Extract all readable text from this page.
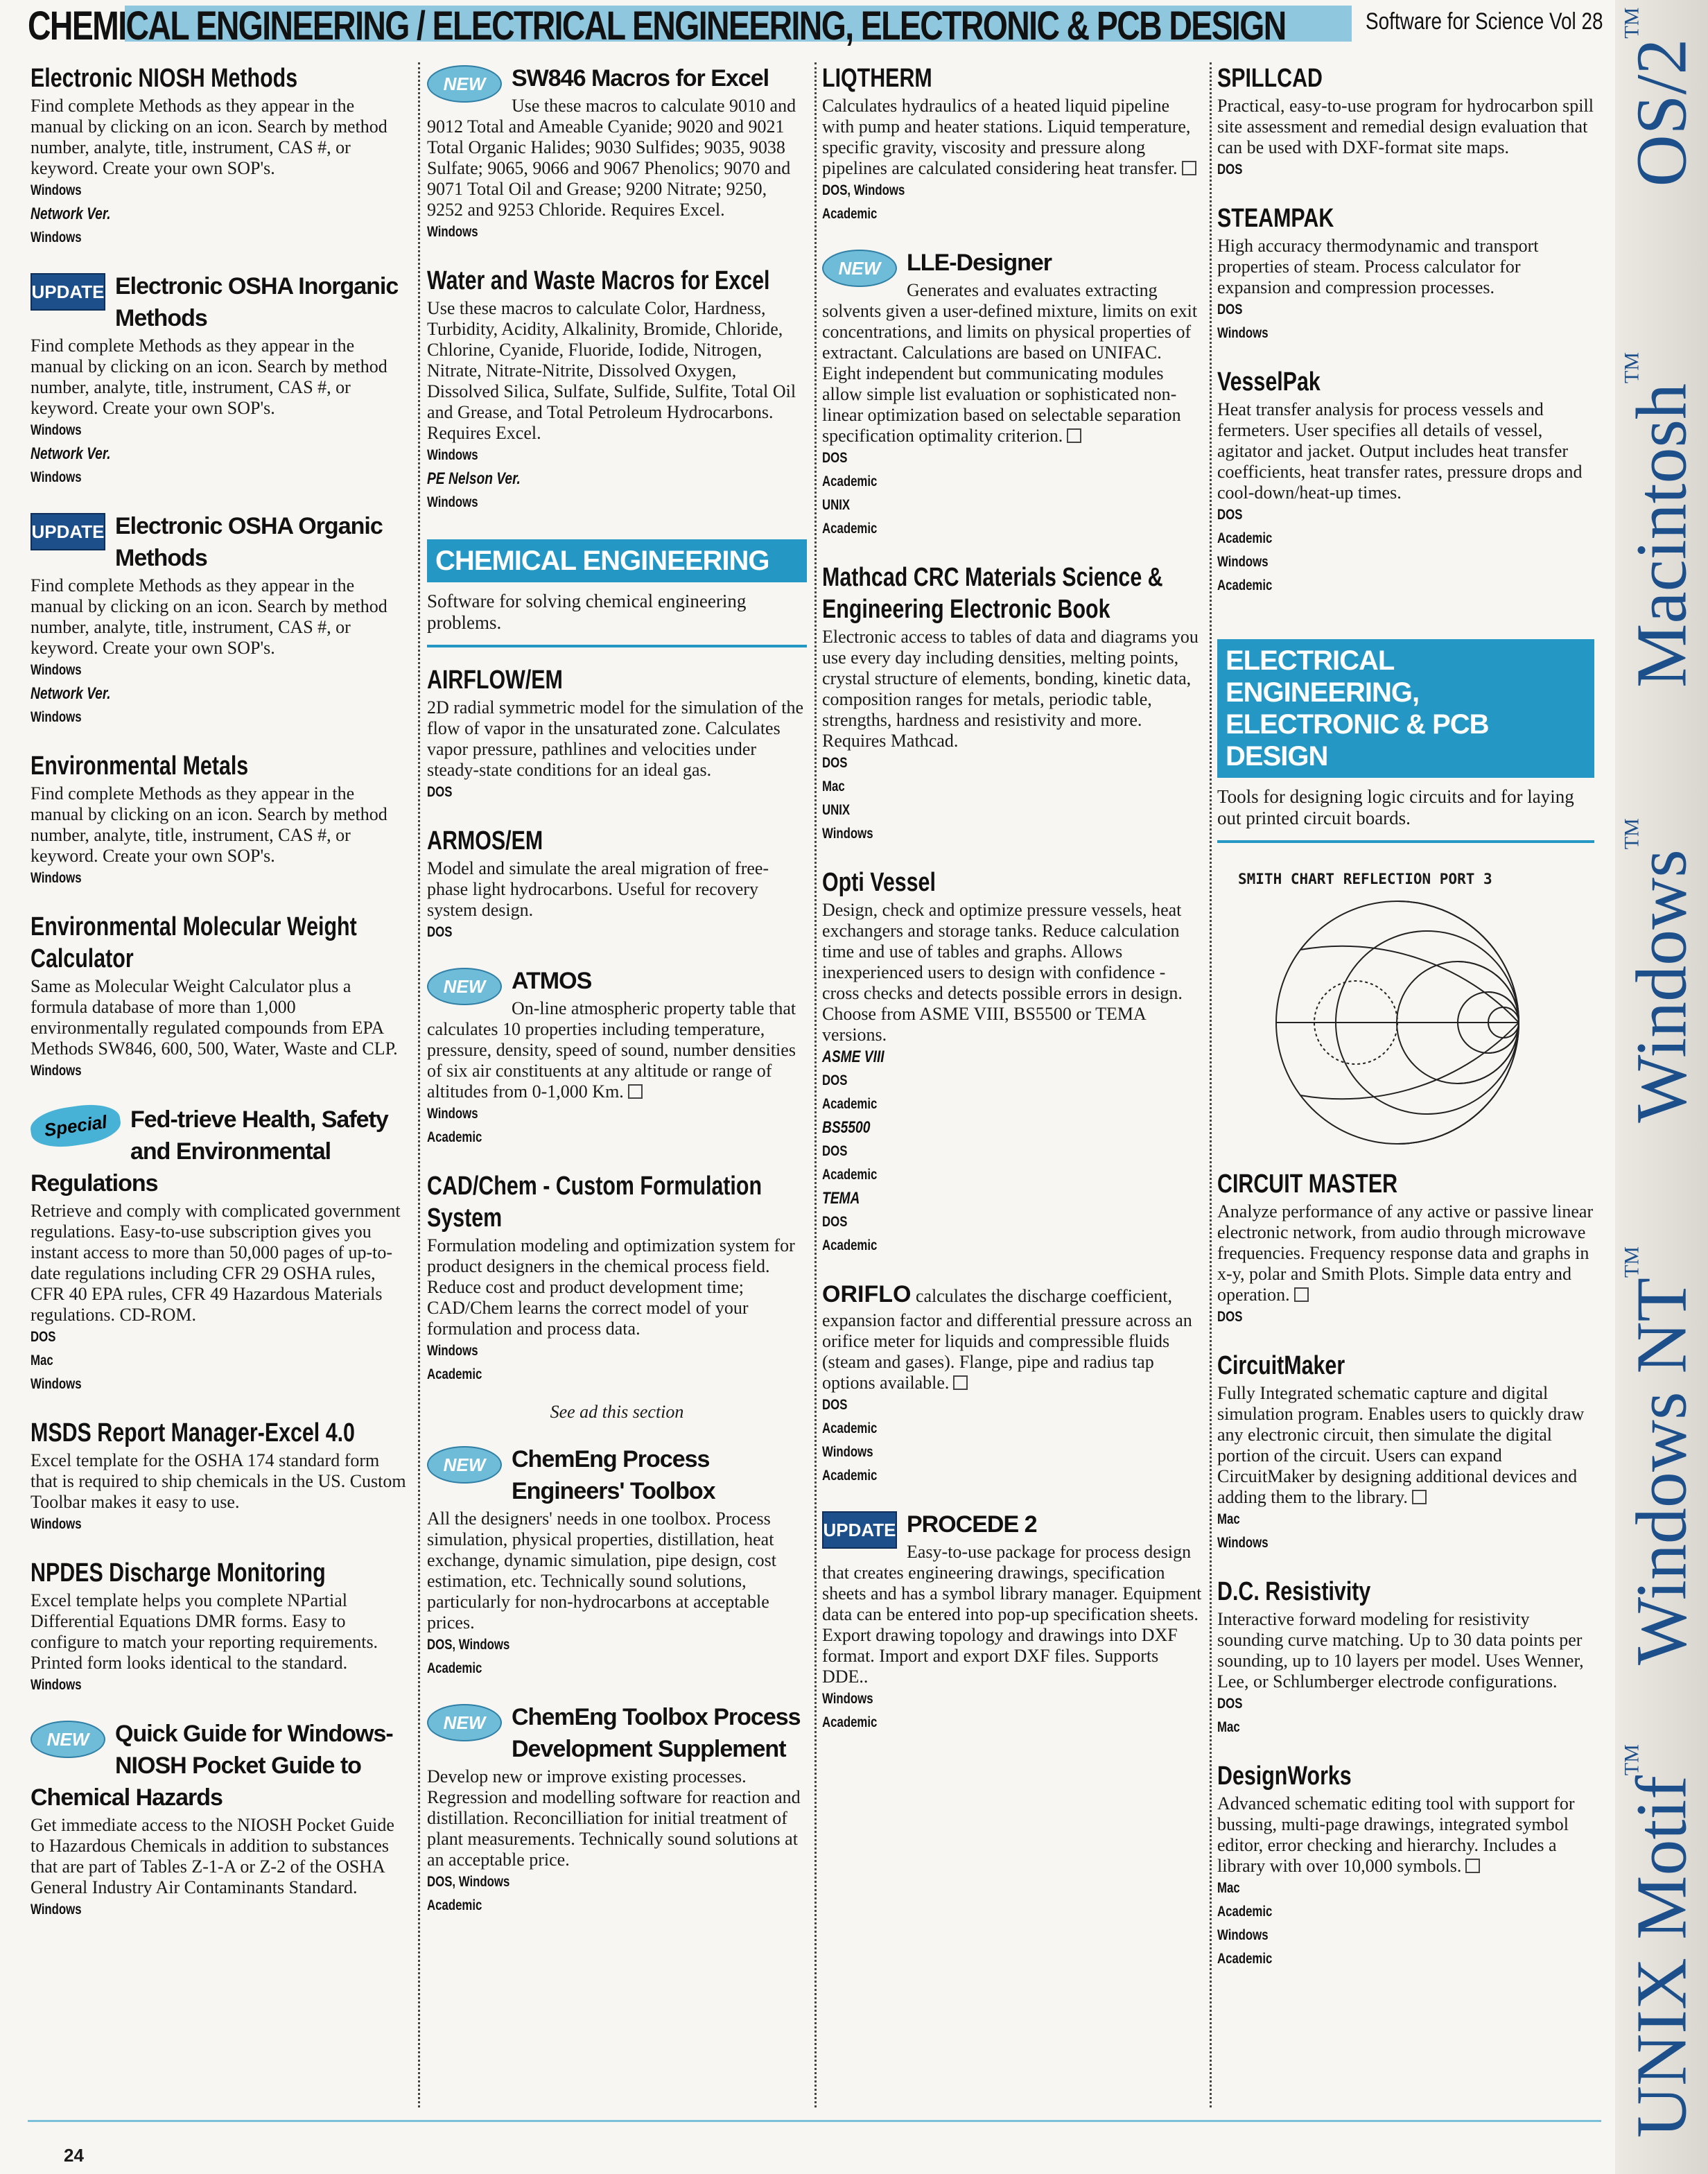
CHEMICAL ENGINEERING / ELECTRICAL ENGINEERING, ELECTRONIC & PCB DESIGN	Software for Science Vol 28
Electronic NIOSH Methods
Find complete Methods as they appear in the manual by clicking on an icon. Search by method number, analyte, title, instrument, CAS #, or keyword. Create your own SOP's.
Windows
Network Ver.
Windows
UPDATE Electronic OSHA Inorganic Methods
Find complete Methods as they appear in the manual by clicking on an icon. Search by method number, analyte, title, instrument, CAS #, or keyword. Create your own SOP's.
Windows
Network Ver.
Windows
UPDATE Electronic OSHA Organic Methods
Find complete Methods as they appear in the manual by clicking on an icon. Search by method number, analyte, title, instrument, CAS #, or keyword. Create your own SOP's.
Windows
Network Ver.
Windows
Environmental Metals
Find complete Methods as they appear in the manual by clicking on an icon. Search by method number, analyte, title, instrument, CAS #, or keyword. Create your own SOP's.
Windows
Environmental Molecular Weight Calculator
Same as Molecular Weight Calculator plus a formula database of more than 1,000 environmentally regulated compounds from EPA Methods SW846, 600, 500, Water, Waste and CLP.
Windows
Special Fed-trieve Health, Safety and Environmental Regulations
Retrieve and comply with complicated government regulations. Easy-to-use subscription gives you instant access to more than 50,000 pages of up-to-date regulations including CFR 29 OSHA rules, CFR 40 EPA rules, CFR 49 Hazardous Materials regulations. CD-ROM.
DOS
Mac
Windows
MSDS Report Manager-Excel 4.0
Excel template for the OSHA 174 standard form that is required to ship chemicals in the US. Custom Toolbar makes it easy to use.
Windows
NPDES Discharge Monitoring
Excel template helps you complete NPartial Differential Equations DMR forms. Easy to configure to match your reporting requirements. Printed form looks identical to the standard.
Windows
NEW	Quick Guide for Windows-NIOSH Pocket Guide to Chemical Hazards
Get immediate access to the NIOSH Pocket Guide to Hazardous Chemicals in addition to substances that are part of Tables Z-1-A or Z-2 of the OSHA General Industry Air Contaminants Standard.
Windows
NEW	SW846 Macros for Excel
Use these macros to calculate 9010 and 9012 Total and Ameable Cyanide; 9020 and 9021 Total Organic Halides; 9030 Sulfides; 9035, 9038 Sulfate; 9065, 9066 and 9067 Phenolics; 9070 and 9071 Total Oil and Grease; 9200 Nitrate; 9250, 9252 and 9253 Chloride. Requires Excel.
Windows
Water and Waste Macros for Excel
Use these macros to calculate Color, Hardness, Turbidity, Acidity, Alkalinity, Bromide, Chloride, Chlorine, Cyanide, Fluoride, Iodide, Nitrogen, Nitrate, Nitrate-Nitrite, Dissolved Oxygen, Dissolved Silica, Sulfate, Sulfide, Sulfite, Total Oil and Grease, and Total Petroleum Hydrocarbons. Requires Excel.
Windows
PE Nelson Ver.
Windows
CHEMICAL ENGINEERING
Software for solving chemical engineering problems.
AIRFLOW/EM
2D radial symmetric model for the simulation of the flow of vapor in the unsaturated zone. Calculates vapor pressure, pathlines and velocities under steady-state conditions for an ideal gas.
DOS
ARMOS/EM
Model and simulate the areal migration of free-phase light hydrocarbons. Useful for recovery system design.
DOS
NEW	ATMOS
On-line atmospheric property table that calculates 10 properties including temperature, pressure, density, speed of sound, number densities of six air constituents at any altitude or range of altitudes from 0-1,000 Km.
Windows
Academic
CAD/Chem - Custom Formulation System
Formulation modeling and optimization system for product designers in the chemical process field. Reduce cost and product development time; CAD/Chem learns the correct model of your formulation and process data.
Windows
Academic
See ad this section
NEW	ChemEng Process Engineers' Toolbox
All the designers' needs in one toolbox. Process simulation, physical properties, distillation, heat exchange, dynamic simulation, pipe design, cost estimation, etc. Technically sound solutions, particularly for non-hydrocarbons at acceptable prices.
DOS, Windows
Academic
NEW	ChemEng Toolbox Process Development Supplement
Develop new or improve existing processes. Regression and modelling software for reaction and distillation. Reconcilliation for initial treatment of plant measurements. Technically sound solutions at an acceptable price.
DOS, Windows
Academic
LIQTHERM
Calculates hydraulics of a heated liquid pipeline with pump and heater stations. Liquid temperature, specific gravity, viscosity and pressure along pipelines are calculated considering heat transfer.
DOS, Windows
Academic
NEW	LLE-Designer
Generates and evaluates extracting solvents given a user-defined mixture, limits on exit concentrations, and limits on physical properties of extractant. Calculations are based on UNIFAC. Eight independent but communicating modules allow simple list evaluation or sophisticated non-linear optimization based on selectable separation specification optimality criterion.
DOS
Academic
UNIX
Academic
Mathcad CRC Materials Science & Engineering Electronic Book
Electronic access to tables of data and diagrams you use every day including densities, melting points, crystal structure of elements, bonding, kinetic data, composition ranges for metals, periodic table, strengths, hardness and resistivity and more. Requires Mathcad.
DOS
Mac
UNIX
Windows
Opti Vessel
Design, check and optimize pressure vessels, heat exchangers and storage tanks. Reduce calculation time and use of tables and graphs. Allows inexperienced users to design with confidence - cross checks and detects possible errors in design. Choose from ASME VIII, BS5500 or TEMA versions.
ASME VIII
DOS
Academic
BS5500
DOS
Academic
TEMA
DOS
Academic
ORIFLO calculates the discharge coefficient, expansion factor and differential pressure across an orifice meter for liquids and compressible fluids (steam and gases). Flange, pipe and radius tap options available.
DOS
Academic
Windows
Academic
UPDATE PROCEDE 2
Easy-to-use package for process design that creates engineering drawings, specification sheets and has a symbol library manager. Equipment data can be entered into pop-up specification sheets. Export drawing topology and drawings into DXF format. Import and export DXF files. Supports DDE..
Windows
Academic
SPILLCAD
Practical, easy-to-use program for hydrocarbon spill site assessment and remedial design evaluation that can be used with DXF-format site maps.
DOS
STEAMPAK
High accuracy thermodynamic and transport properties of steam. Process calculator for expansion and compression processes.
DOS
Windows
VesselPak
Heat transfer analysis for process vessels and fermeters. User specifies all details of vessel, agitator and jacket. Output includes heat transfer coefficients, heat transfer rates, pressure drops and cool-down/heat-up times.
DOS
Academic
Windows
Academic
ELECTRICAL ENGINEERING,
ELECTRONIC & PCB DESIGN
Tools for designing logic circuits and for laying out printed circuit boards.
SMITH CHART REFLECTION PORT 3
CIRCUIT MASTER
Analyze performance of any active or passive linear electronic network, from audio through microwave frequencies. Frequency response data and graphs in x-y, polar and Smith Plots. Simple data entry and operation.
DOS
CircuitMaker
Fully Integrated schematic capture and digital simulation program. Enables users to quickly draw any electronic circuit, then simulate the digital portion of the circuit. Users can expand CircuitMaker by designing additional devices and adding them to the library.
Mac
Windows
D.C. Resistivity
Interactive forward modeling for resistivity sounding curve matching. Up to 30 data points per sounding, up to 10 layers per model. Uses Wenner, Lee, or Schlumberger electrode configurations.
DOS
Mac
DesignWorks
Advanced schematic editing tool with support for bussing, multi-page drawings, integrated symbol editor, error checking and hierarchy. Includes a library with over 10,000 symbols.
Mac
Academic
Windows
Academic
24
OS/2™
Macintosh™
Windows™
Windows NT™
UNIX Motif™
